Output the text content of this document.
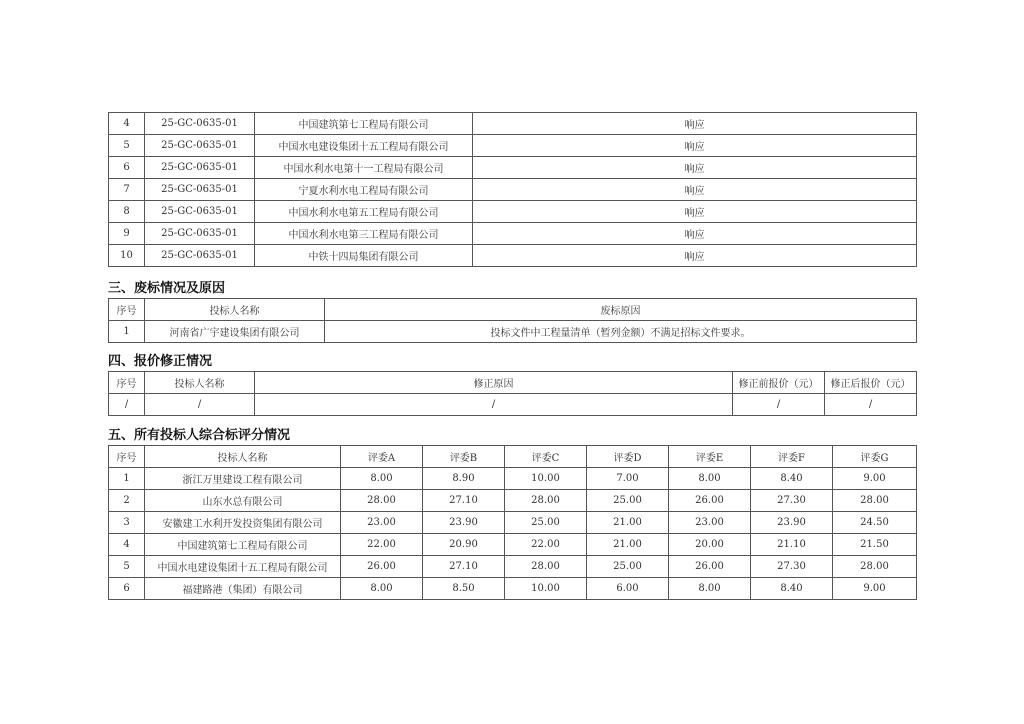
4	25-GC-0635-01	中国建筑第七工程局有限公司	响应
5	25-GC-0635-01	中国水电建设集团十五工程局有限公司	响应
6	25-GC-0635-01	中国水利水电第十一工程局有限公司	响应
7	25-GC-0635-01	宁夏水利水电工程局有限公司	响应
8	25-GC-0635-01	中国水利水电第五工程局有限公司	响应
9	25-GC-0635-01	中国水利水电第三工程局有限公司	响应
10	25-GC-0635-01	中铁十四局集团有限公司	响应

三、废标情况及原因

序号	投标人名称	废标原因
1	河南省广宇建设集团有限公司	投标文件中工程量清单（暂列金额）不满足招标文件要求。

四、报价修正情况

序号	投标人名称	修正原因	修正前报价（元）	修正后报价（元）
/	/	/	/	/

五、所有投标人综合标评分情况

序号	投标人名称	评委A	评委B	评委C	评委D	评委E	评委F	评委G
1	浙江万里建设工程有限公司	8.00	8.90	10.00	7.00	8.00	8.40	9.00
2	山东水总有限公司	28.00	27.10	28.00	25.00	26.00	27.30	28.00
3	安徽建工水利开发投资集团有限公司	23.00	23.90	25.00	21.00	23.00	23.90	24.50
4	中国建筑第七工程局有限公司	22.00	20.90	22.00	21.00	20.00	21.10	21.50
5	中国水电建设集团十五工程局有限公司	26.00	27.10	28.00	25.00	26.00	27.30	28.00
6	福建路港（集团）有限公司	8.00	8.50	10.00	6.00	8.00	8.40	9.00
